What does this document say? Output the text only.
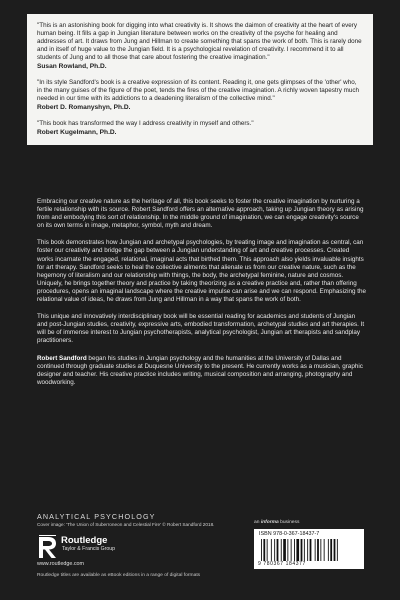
"This is an astonishing book for digging into what creativity is. It shows the daimon of creativity at the heart of every human being. It fills a gap in Jungian literature between works on the creativity of the psyche for healing and addresses of art. It draws from Jung and Hillman to create something that spans the work of both. This is rarely done and in itself of huge value to the Jungian field. It is a psychological revelation of creativity. I recommend it to all students of Jung and to all those that care about fostering the creative imagination."

Susan Rowland, Ph.D.

"In its style Sandford's book is a creative expression of its content. Reading it, one gets glimpses of the 'other' who, in the many guises of the figure of the poet, tends the fires of the creative imagination. A richly woven tapestry much needed in our time with its addictions to a deadening literalism of the collective mind."

Robert D. Romanyshyn, Ph.D.

"This book has transformed the way I address creativity in myself and others."

Robert Kugelmann, Ph.D.

Embracing our creative nature as the heritage of all, this book seeks to foster the creative imagination by nurturing a fertile relationship with its source. Robert Sandford offers an alternative approach, taking up Jungian theory as arising from and embodying this sort of relationship. In the middle ground of imagination, we can engage creativity's source on its own terms in image, metaphor, symbol, myth and dream.

This book demonstrates how Jungian and archetypal psychologies, by treating image and imagination as central, can foster our creativity and bridge the gap between a Jungian understanding of art and creative processes. Created works incarnate the engaged, relational, imaginal acts that birthed them. This approach also yields invaluable insights for art therapy. Sandford seeks to heal the collective ailments that alienate us from our creative nature, such as the hegemony of literalism and our relationship with things, the body, the archetypal feminine, nature and cosmos. Uniquely, he brings together theory and practice by taking theorizing as a creative practice and, rather than offering procedures, opens an imaginal landscape where the creative impulse can arise and we can respond. Emphasizing the relational value of ideas, he draws from Jung and Hillman in a way that spans the work of both.

This unique and innovatively interdisciplinary book will be essential reading for academics and students of Jungian and post-Jungian studies, creativity, expressive arts, embodied transformation, archetypal studies and art therapies. It will be of immense interest to Jungian psychotherapists, analytical psychologist, Jungian art therapists and sandplay practitioners.

Robert Sandford began his studies in Jungian psychology and the humanities at the University of Dallas and continued through graduate studies at Duquesne University to the present. He currently works as a musician, graphic designer and teacher. His creative practice includes writing, musical composition and arranging, photography and woodworking.

ANALYTICAL PSYCHOLOGY
Cover image: 'The Union of Suberroneon and Celestial Fire' © Robert Sandford 2018.
Routledge
Taylor & Francis Group
www.routledge.com
an informa business
ISBN 978-0-367-18437-7
9 780367 184377
Routledge titles are available as eBook editions in a range of digital formats
